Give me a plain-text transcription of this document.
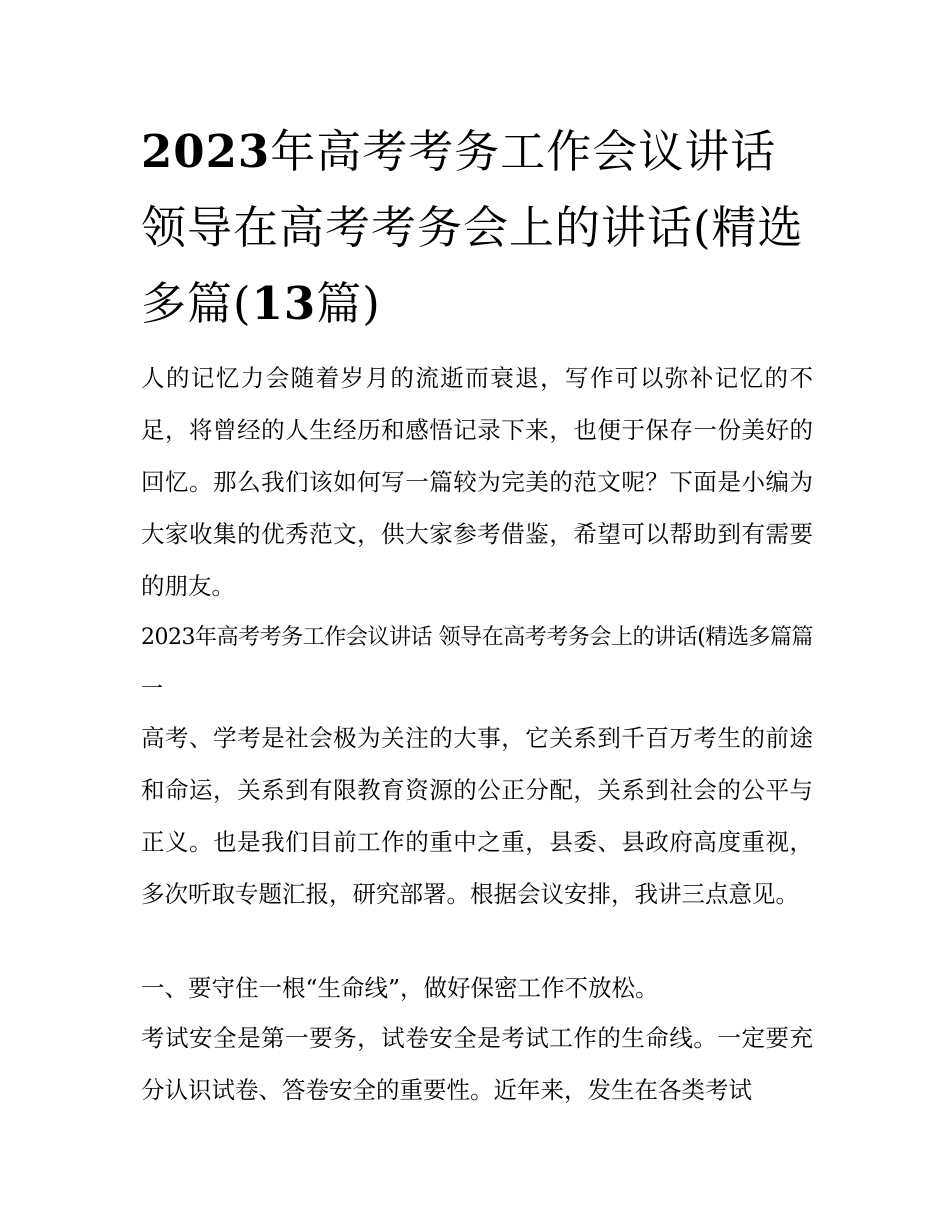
2023年高考考务工作会议讲话 领导在高考考务会上的讲话(精选多篇(13篇)

人的记忆力会随着岁月的流逝而衰退，写作可以弥补记忆的不足，将曾经的人生经历和感悟记录下来，也便于保存一份美好的回忆。那么我们该如何写一篇较为完美的范文呢？下面是小编为大家收集的优秀范文，供大家参考借鉴，希望可以帮助到有需要的朋友。

2023年高考考务工作会议讲话 领导在高考考务会上的讲话(精选多篇篇一

高考、学考是社会极为关注的大事，它关系到千百万考生的前途和命运，关系到有限教育资源的公正分配，关系到社会的公平与正义。也是我们目前工作的重中之重，县委、县政府高度重视，多次听取专题汇报，研究部署。根据会议安排，我讲三点意见。

一、要守住一根“生命线”，做好保密工作不放松。

考试安全是第一要务，试卷安全是考试工作的生命线。一定要充分认识试卷、答卷安全的重要性。近年来，发生在各类考试
